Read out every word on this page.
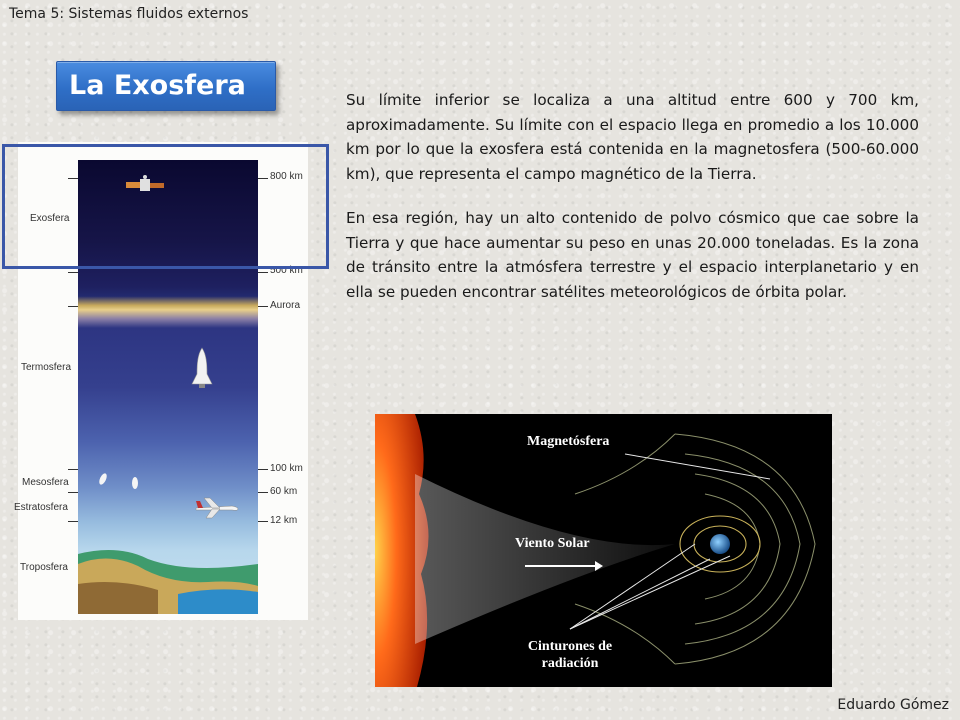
Tema 5: Sistemas fluidos externos
La Exosfera
Exosfera
Termosfera
Mesosfera
Estratosfera
Troposfera
800 km
500 km
Aurora
100 km
60 km
12 km

Su límite inferior se localiza a una altitud entre 600 y 700 km, aproximadamente. Su límite con el espacio llega en promedio a los 10.000 km por lo que la exosfera está contenida en la magnetosfera (500-60.000 km), que representa el campo magnético de la Tierra.

En esa región, hay un alto contenido de polvo cósmico que cae sobre la Tierra y que hace aumentar su peso en unas 20.000 toneladas. Es la zona de tránsito entre la atmósfera terrestre y el espacio interplanetario y en ella se pueden encontrar satélites meteorológicos de órbita polar.

Magnetósfera
Viento Solar
Cinturones de radiación
Eduardo Gómez
